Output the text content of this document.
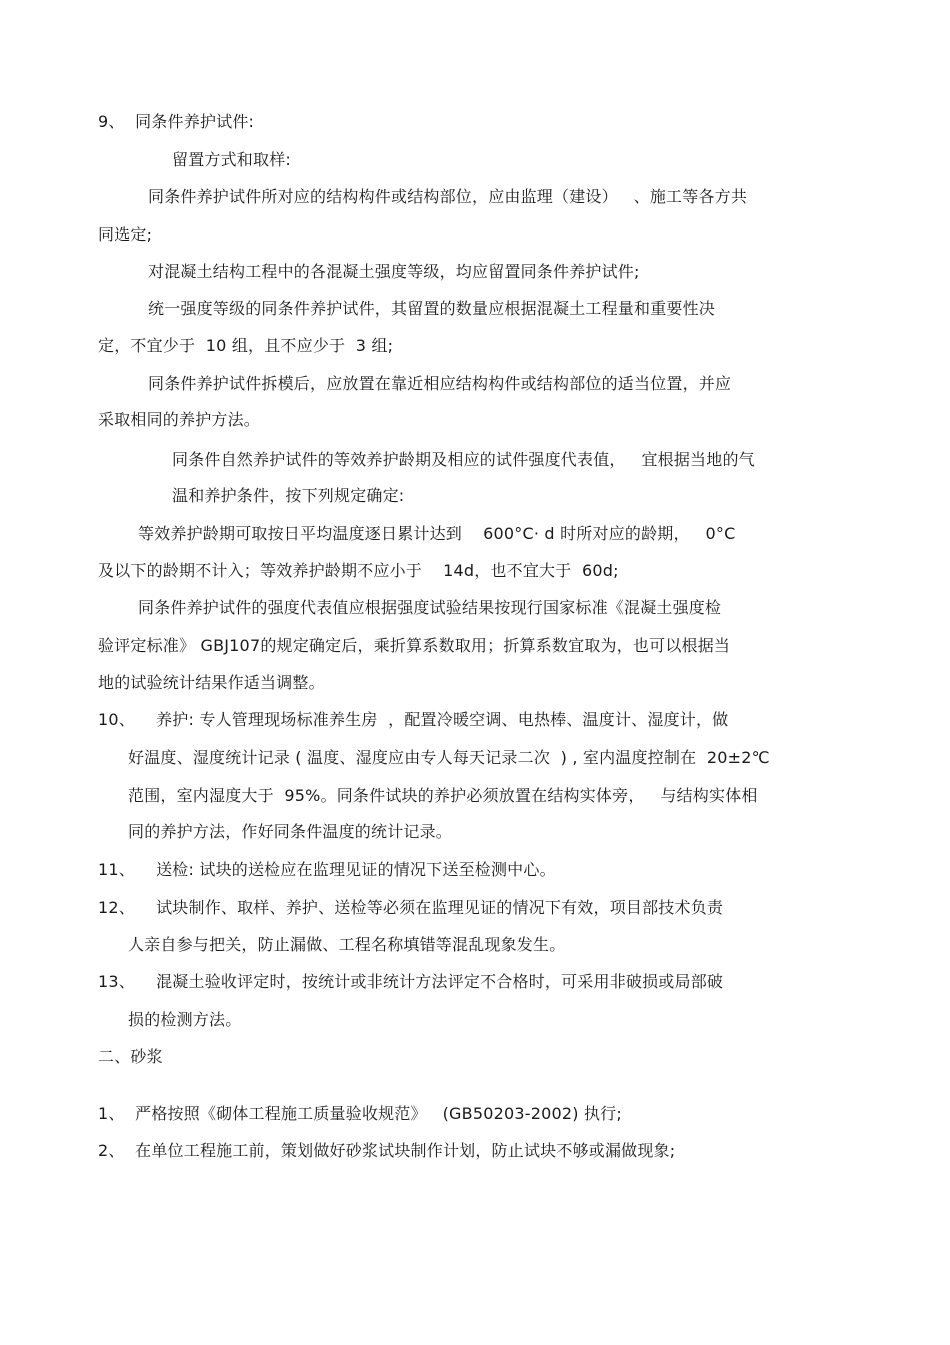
9、  同条件养护试件:
留置方式和取样:
同条件养护试件所对应的结构构件或结构部位，应由监理（建设）   、施工等各方共
同选定;
对混凝土结构工程中的各混凝土强度等级，均应留置同条件养护试件;
统一强度等级的同条件养护试件，其留置的数量应根据混凝土工程量和重要性决
定，不宜少于  10 组，且不应少于  3 组;
同条件养护试件拆模后，应放置在靠近相应结构构件或结构部位的适当位置，并应
采取相同的养护方法。
同条件自然养护试件的等效养护龄期及相应的试件强度代表值，   宜根据当地的气
温和养护条件，按下列规定确定:
等效养护龄期可取按日平均温度逐日累计达到    600°C· d 时所对应的龄期，   0°C
及以下的龄期不计入；等效养护龄期不应小于    14d，也不宜大于  60d;
同条件养护试件的强度代表值应根据强度试验结果按现行国家标准《混凝土强度检
验评定标准》 GBJ107的规定确定后，乘折算系数取用；折算系数宜取为，也可以根据当
地的试验统计结果作适当调整。
10、    养护: 专人管理现场标准养生房  ，配置冷暖空调、电热棒、温度计、湿度计，做
好温度、湿度统计记录 ( 温度、湿度应由专人每天记录二次  ) , 室内温度控制在  20±2℃
范围，室内湿度大于  95%。同条件试块的养护必须放置在结构实体旁，   与结构实体相
同的养护方法，作好同条件温度的统计记录。
11、    送检: 试块的送检应在监理见证的情况下送至检测中心。
12、    试块制作、取样、养护、送检等必须在监理见证的情况下有效，项目部技术负责
人亲自参与把关，防止漏做、工程名称填错等混乱现象发生。
13、    混凝土验收评定时，按统计或非统计方法评定不合格时，可采用非破损或局部破
损的检测方法。
二、砂浆
1、  严格按照《砌体工程施工质量验收规范》   (GB50203-2002) 执行;
2、  在单位工程施工前，策划做好砂浆试块制作计划，防止试块不够或漏做现象;
